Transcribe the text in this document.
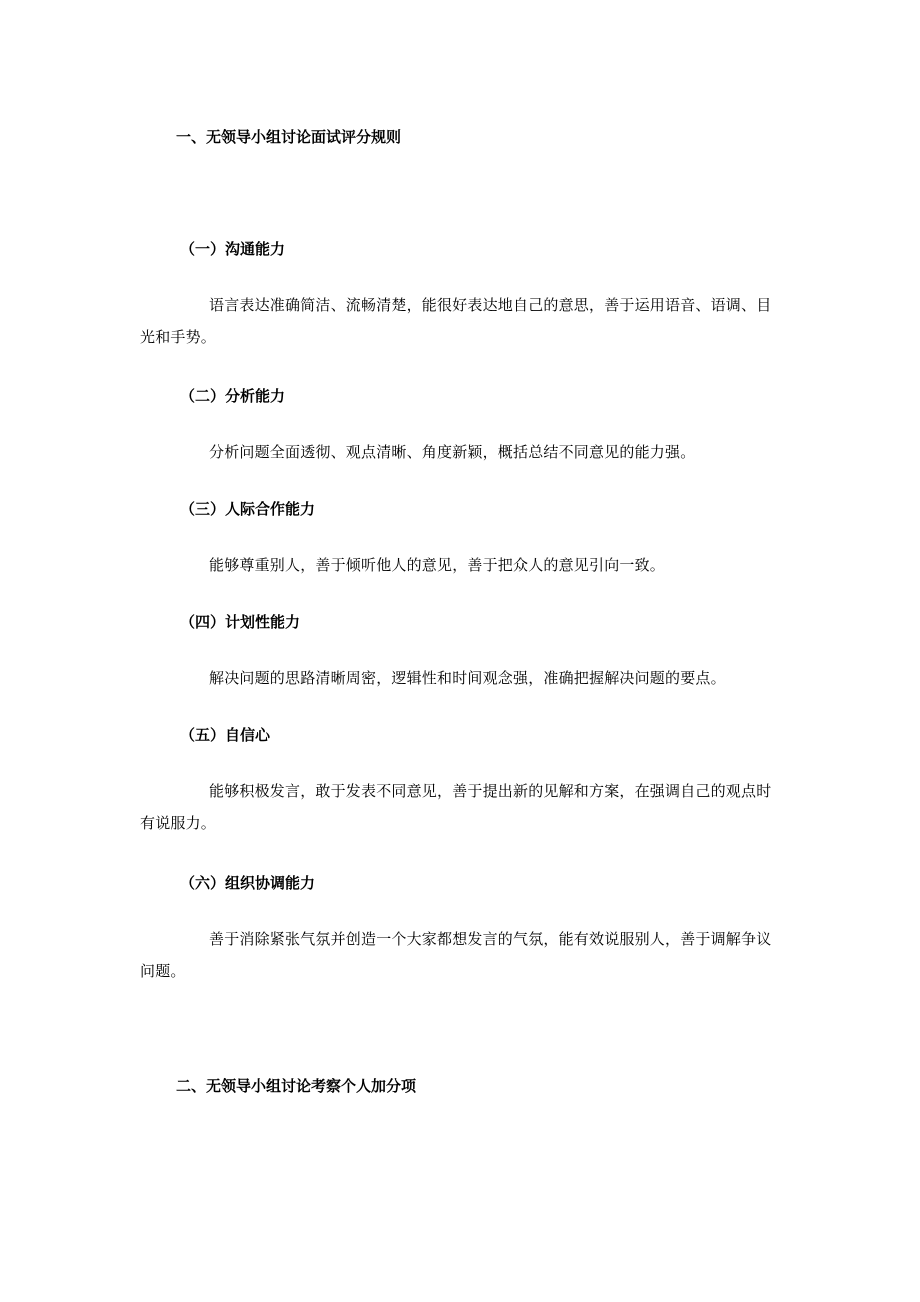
一、无领导小组讨论面试评分规则
（一）沟通能力
语言表达准确简洁、流畅清楚，能很好表达地自己的意思，善于运用语音、语调、目光和手势。
（二）分析能力
分析问题全面透彻、观点清晰、角度新颖，概括总结不同意见的能力强。
（三）人际合作能力
能够尊重别人，善于倾听他人的意见，善于把众人的意见引向一致。
（四）计划性能力
解决问题的思路清晰周密，逻辑性和时间观念强，准确把握解决问题的要点。
（五）自信心
能够积极发言，敢于发表不同意见，善于提出新的见解和方案，在强调自己的观点时有说服力。
（六）组织协调能力
善于消除紧张气氛并创造一个大家都想发言的气氛，能有效说服别人，善于调解争议问题。
二、无领导小组讨论考察个人加分项
